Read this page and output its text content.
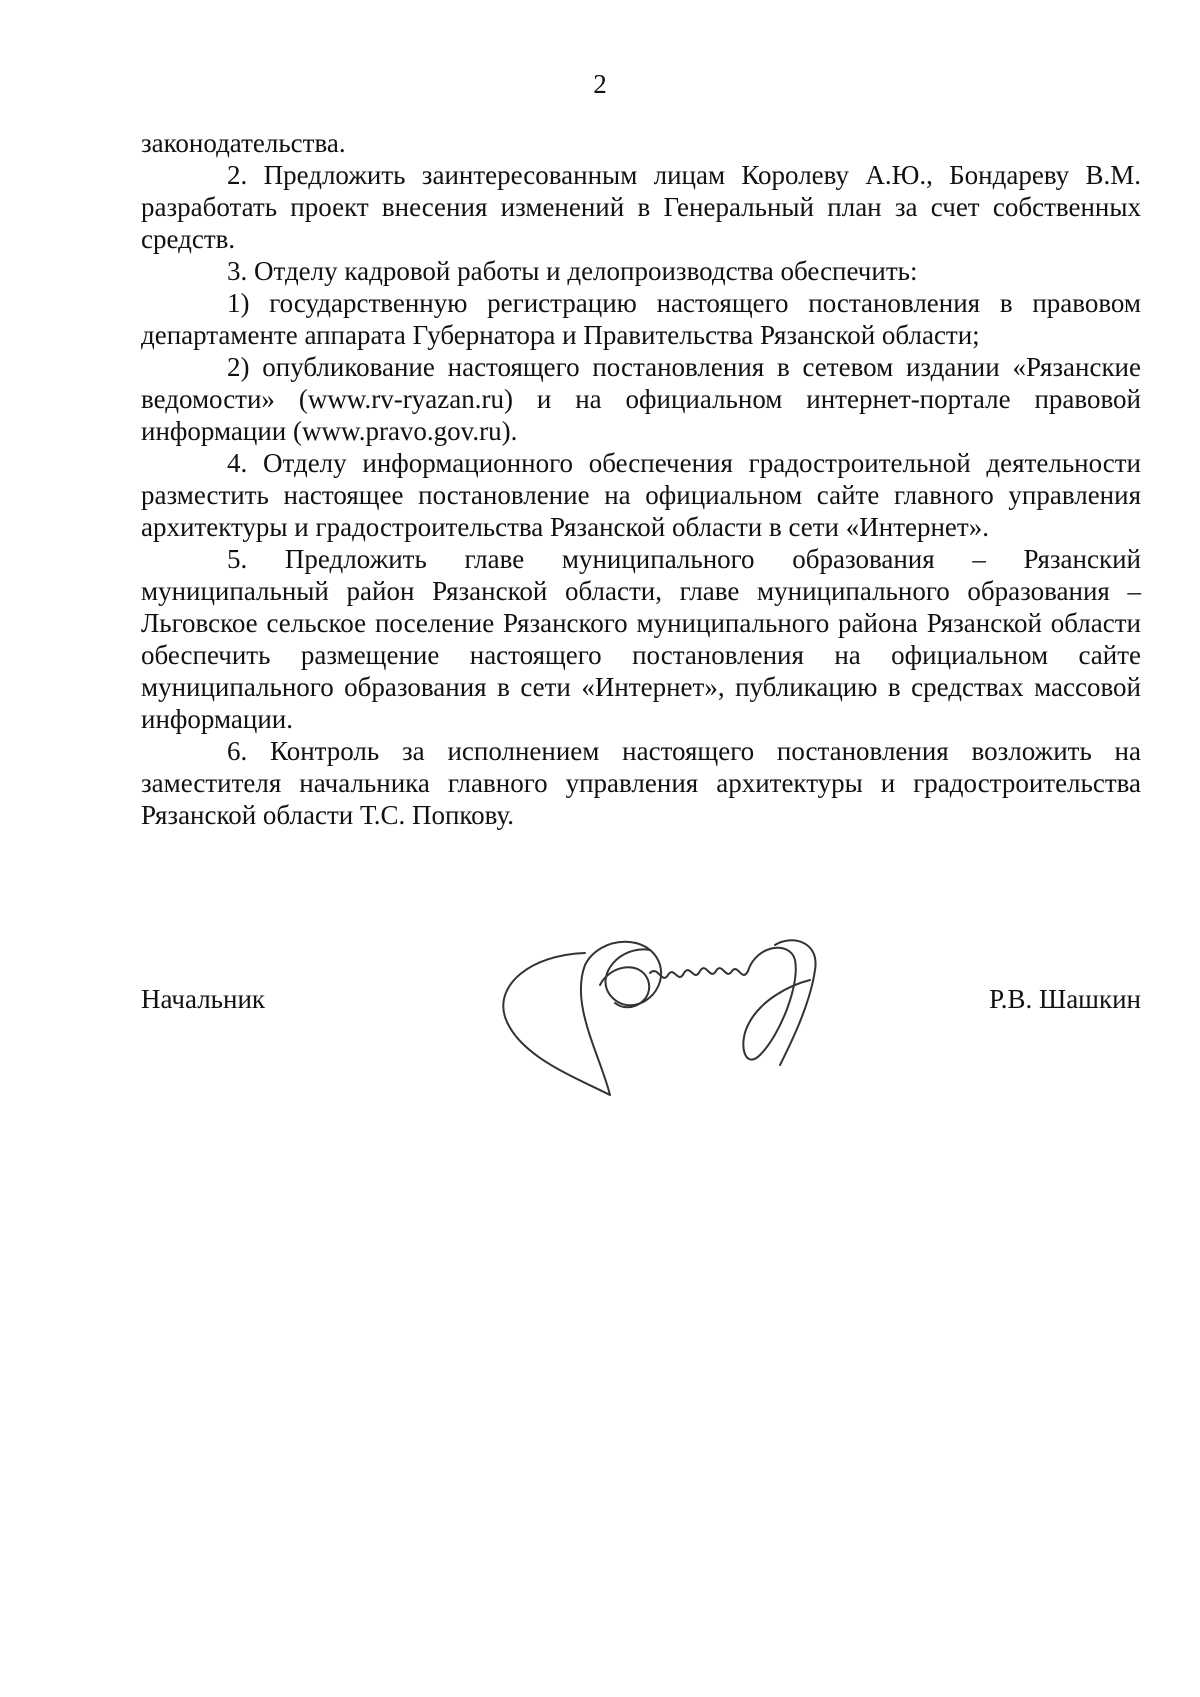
2

законодательства.

2. Предложить заинтересованным лицам Королеву А.Ю., Бондареву В.М. разработать проект внесения изменений в Генеральный план за счет собственных средств.

3. Отделу кадровой работы и делопроизводства обеспечить:

1) государственную регистрацию настоящего постановления в правовом департаменте аппарата Губернатора и Правительства Рязанской области;

2) опубликование настоящего постановления в сетевом издании «Рязанские ведомости» (www.rv-ryazan.ru) и на официальном интернет-портале правовой информации (www.pravo.gov.ru).

4. Отделу информационного обеспечения градостроительной деятельности разместить настоящее постановление на официальном сайте главного управления архитектуры и градостроительства Рязанской области в сети «Интернет».

5. Предложить главе муниципального образования – Рязанский муниципальный район Рязанской области, главе муниципального образования – Льговское сельское поселение Рязанского муниципального района Рязанской области обеспечить размещение настоящего постановления на официальном сайте муниципального образования в сети «Интернет», публикацию в средствах массовой информации.

6. Контроль за исполнением настоящего постановления возложить на заместителя начальника главного управления архитектуры и градостроительства Рязанской области Т.С. Попкову.

Начальник	Р.В. Шашкин
